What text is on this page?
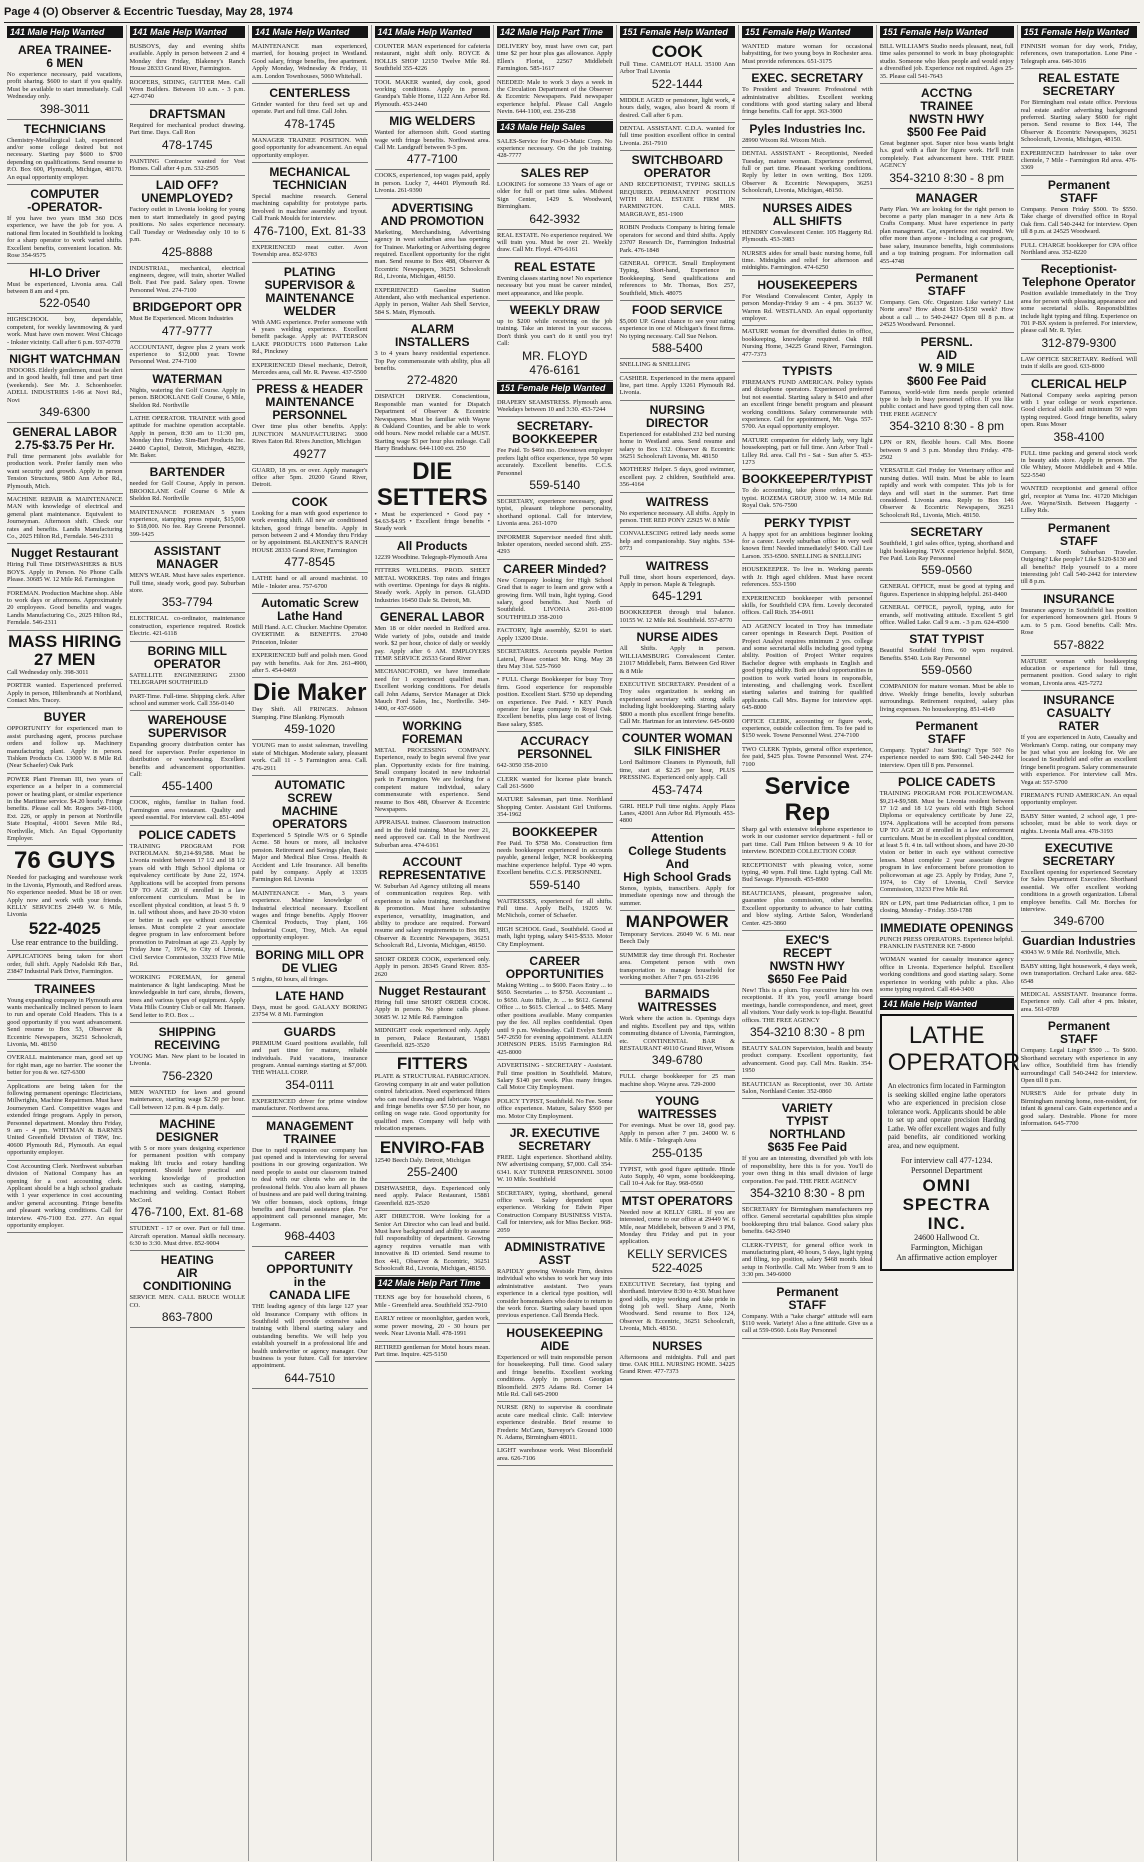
Page 4 (O) Observer & Eccentric Tuesday, May 28, 1974
141 Male Help Wanted
AREA TRAINEE-
6 MEN
No experience necessary, paid vacations, profit sharing. $600 to start if you qualify. Must be available to start immediately. Call Wednesday only.
398-3011
TECHNICIANS
Chemistry-Metallurgical Lab, experienced and/or some college desired but not necessary. Starting pay $600 to $700 depending on qualifications. Send resume to P.O. Box 600, Plymouth, Michigan, 48170. An equal opportunity employer.
COMPUTER
-OPERATOR-
If you have two years IBM 360 DOS experience, we have the job for you. A national firm located in Southfield is looking for a sharp operator to work varied shifts. Excellent benefits, convenient location. Mr. Rose 354-9575
HI-LO Driver
Must be experienced, Livonia area. Call between 8 am and 4 pm.
522-0540
HIGHSCHOOL boy, dependable, competent, for weekly lawnmowing & yard work. Must have own mower. West Chicago - Inkster vicinity. Call after 6 p.m. 937-0778
NIGHT WATCHMAN
INDOORS. Elderly gentlemen, must be alert and in good health, full time and part time (weekends). See Mr. J. Schoenhoefer. ADELL INDUSTRIES 1-96 at Novi Rd., Novi
349-6300
GENERAL LABOR
2.75-$3.75 Per Hr.
Full time permanent jobs available for production work. Prefer family men who want security and growth. Apply in person Tension Structures, 9800 Ann Arbor Rd., Plymouth, Mich.
MACHINE REPAIR & MAINTENANCE MAN with knowledge of electrical and general plant maintenance. Equivalent to Journeyman. Afternoon shift. Check our rates and benefits. Landis Manufacturing Co., 2025 Hilton Rd., Ferndale. 546-2311
Nugget Restaurant
Hiring Full Time DISHWASHERS & BUS BOYS. Apply in Person. No Phone Calls Please. 30685 W. 12 Mile Rd. Farmington
FOREMAN. Production Machine shop. Able to work days or afternoons. Approximately 20 employees. Good benefits and wages. Landis Manufacturing Co., 2025 Hilton Rd., Ferndale. 546-2311
MASS HIRING
27 MEN
Call Wednesday only. 398-3011
PORTER wanted. Experienced preferred. Apply in person, Hiltenbrand's at Northland, Contact Mrs. Tracey.
BUYER
OPPORTUNITY for experienced man to assist purchasing agent, process purchase orders and follow up. Machinery manufacturing plant. Apply in person. Tishken Products Co. 13000 W. 8 Mile Rd. (Near Schaefer) Oak Park
POWER Plant Fireman III, two years of experience as a helper in a commercial power or heating plant, or similar experience in the Maritime service. $4.20 hourly. Fringe benefits. Please call Mr. Rogers 349-1100, Ext. 226, or apply in person at Northville State Hospital, 41001 Seven Mile Rd., Northville, Mich. An Equal Opportunity Employer.
76 GUYS
Needed for packaging and warehouse work in the Livonia, Plymouth, and Redford areas. No experience needed. Must be 18 or over. Apply now and work with your friends. KELLY SERVICES 29449 W. 6 Mile, Livonia
522-4025
Use rear entrance to the building.
APPLICATIONS being taken for short order, full shift. Apply Nadolski Rib Bar., 23847 Industrial Park Drive, Farmington.
TRAINEES
Young expanding company in Plymouth area wants mechanically inclined person to learn to run and operate Cold Headers. This is a good opportunity if you want advancement. Send resume to Box 53, Observer & Eccentric Newspapers, 36251 Schoolcraft, Livonia, Mi. 48150
OVERALL maintenance man, good set up for right man, age no barrier. The sooner the better for you & we. 627-6300
Applications are being taken for the following permanent openings: Electricians, Millwrights, Machine Repairmen. Must have Journeymen Card. Competitive wages and extended fringe program. Apply in person, Personnel department. Monday thru Friday, 9 am - 4 pm. WHITMAN & BARNES United Greenfield Division of TRW, Inc. 40600 Plymouth Rd., Plymouth. An equal opportunity employer.
Cost Accounting Clerk. Northwest suburban division of National Company has an opening for a cost accounting clerk. Applicant should be a high school graduate with 1 year experience in cost accounting and/or general accounting. Fringe benefits and pleasant working conditions. Call for interview. 476-7100 Ext. 277. An equal opportunity employer.
141 Male Help Wanted
BUSBOYS, day and evening shifts available. Apply in person between 2 and 4 Monday thru Friday, Blakeney's Ranch House 28333 Grand River, Farmington.
ROOFERS, SIDING, GUTTER Men. Call Wren Builders. Between 10 a.m. - 3 p.m. 427-0740
DRAFTSMAN
Required for mechanical product drawing. Part time. Days. Call Ron
478-1745
PAINTING Contractor wanted for Vost Homes. Call after 4 p.m. 532-2505
LAID OFF?
UNEMPLOYED?
Factory outlet in Livonia looking for young men to start immediately in good paying positions. No sales experience necessary. Call Tuesday or Wednesday only 10 to 6 p.m.
425-8888
INDUSTRIAL, mechanical, electrical engineers, degree, will train, shorter Walled Bolt. Fast Fee paid. Salary open. Towne Personnel West. 274-7100
BRIDGEPORT OPR
Must Be Experienced. Micom Industries
477-9777
ACCOUNTANT, degree plus 2 years work experience to $12,000 year. Towne Personnel West. 274-7100
WATERMAN
Nights, watering the Golf Course. Apply in person. BROOKLANE Golf Course, 6 Mile, Sheldon Rd. Northville
LATHE OPERATOR. TRAINEE with good aptitude for machine operation acceptable. Apply in person, 8:30 am to 11:30 pm, Monday thru Friday. Sim-Bart Products Inc. 24400 Capitol, Detroit, Michigan, 48239, Mr. Baker.
BARTENDER
needed for Golf Course, Apply in person. BROOKLANE Golf Course 6 Mile & Sheldon Rd. Northville
MAINTENANCE FOREMAN 5 years experience, stamping press repair, $15,000 to $18,000. No fee. Ray Greene Personnel. 399-1425
ASSISTANT
MANAGER
MEN'S WEAR. Must have sales experience. Full time, steady work, good pay. Suburban store.
353-7794
ELECTRICAL co-ordinator, maintenance construction, experience required. Rostick Electric. 421-6118
BORING MILL
OPERATOR
SATELLITE ENGINEERING 23300 TELEGRAPH SOUTHFIELD
PART-Time. Full-time. Shipping clerk. After school and summer work. Call 356-0140
WAREHOUSE
SUPERVISOR
Expanding grocery distribution center has need for supervisor. Prefer experience in distribution or warehousing. Excellent benefits and advancement opportunities. Call:
455-1400
COOK, nights, familiar in Italian food. Farmington area restaurant. Quality and speed essential. For interview call. 851-4094
POLICE CADETS
TRAINING PROGRAM FOR PATROLMAN. $9,214-$9,588. Must be Livonia resident between 17 1/2 and 18 1/2 years old with High School diploma or equivalency certificate by June 22, 1974. Applications will be accepted from persons UP TO AGE 20 if enrolled in a law enforcement curriculum. Must be in excellent physical condition, at least 5 ft. 9 in. tall without shoes, and have 20-30 vision or better in each eye without corrective lenses. Must complete 2 year associate degree program in law enforcement before promotion to Patrolman at age 23. Apply by Friday June 7, 1974, to City of Livonia, Civil Service Commission, 33233 Five Mile Rd.
WORKING FOREMAN, for general maintenance & light landscaping. Must be knowledgeable in turf care, shrubs, flowers, trees and various types of equipment. Apply Vista Hills Country Club or call Mr. Hansen. Send letter to P.O. Box ...
SHIPPING
RECEIVING
YOUNG Man. New plant to be located in Livonia.
756-2320
MEN WANTED for lawn and ground maintenance, starting wage $2.50 per hour. Call between 12 p.m. & 4 p.m. daily.
MACHINE
DESIGNER
with 5 or more years designing experience for permanent position with company making lift trucks and rotary handling equipment. Should have practical and working knowledge of production techniques such as casting, stamping, machining and welding. Contact Robert McCord.
476-7100, Ext. 81-68
STUDENT - 17 or over. Part or full time. Aircraft operation. Manual skills necessary. 6:30 to 3:30. Must drive. 852-9004
HEATING
AIR
CONDITIONING
SERVICE MEN. CALL BRUCE WOLLE CO.
863-7800
141 Male Help Wanted
MAINTENANCE man experienced, married, for housing project in Westland. Good salary, fringe benefits, free apartment. Apply Monday, Wednesday & Friday, 11 a.m. London Townhouses, 5060 Whitehall.
CENTERLESS
Grinder wanted for thru feed set up and operate. Part and full time. Call John.
478-1745
MANAGER TRAINEE POSITION. With good opportunity for advancement. An equal opportunity employer.
MECHANICAL
TECHNICIAN
Special machine research. General machining capability for prototype parts. Involved in machine assembly and tryout. Call Frank Moulds for interview.
476-7100, Ext. 81-33
EXPERIENCED meat cutter. Avon Township area. 852-9783
PLATING SUPERVISOR &
MAINTENANCE WELDER
With AMG experience. Prefer someone with 4 years welding experience. Excellent benefit package. Apply at: PATTERSON LAKE PRODUCTS 1600 Patterson Lake Rd., Pinckney
EXPERIENCED Diesel mechanic, Detroit, Mercedes area, call Mr. R. Pavese. 437-5500
PRESS & HEADER
MAINTENANCE PERSONNEL
Over time plus other benefits. Apply: JUNCTION MANUFACTURING 3900 Rives Eaton Rd. Rives Junction, Michigan
49277
GUARD, 18 yrs. or over. Apply manager's office after 5pm. 20200 Grand River, Detroit.
COOK
Looking for a man with good experience to work evening shift. All new air conditioned kitchen, good fringe benefits. Apply in person between 2 and 4 Monday thru Friday or by appointment. BLAKENEY'S RANCH HOUSE 28333 Grand River, Farmington
477-8545
LATHE hand or all around machinist. 10 Mile - Inkster area. 757-6700
Automatic Screw
Lathe Hand
Mill Hand. A.C. Chucker. Machine Operator. OVERTIME & BENEFITS. 27040 Princeton, Inkster
EXPERIENCED buff and polish men. Good pay with benefits. Ask for Jim. 261-4900, after 5. 454-0469
Die Maker
Day Shift. All FRINGES. Johnson Stamping. Fine Blanking. Plymouth
459-1020
YOUNG man to assist salesman, travelling state of Michigan. Moderate salary, pleasant work. Call 11 - 5 Farmington area. Call. 476-2911
AUTOMATIC SCREW
MACHINE OPERATORS
Experienced 5 Spindle W/S or 6 Spindle Acme. 58 hours or more, all inclusive pension. Retirement and Savings plan, Basic Major and Medical Blue Cross. Health & Accident and Life Insurance. All benefits paid by company. Apply at 13335 Farmington Rd. Livonia
MAINTENANCE - Man, 3 years experience. Machine knowledge of Industrial electrical necessary. Excellent wages and fringe benefits. Apply Hoover Chemical Products, Tray plant, 166 Industrial Court, Troy, Mich. An equal opportunity employer.
BORING MILL OPR
DE VLIEG
5 nights, 60 hours, all fringes.
LATE HAND
Days, must be good. GALAXY BORING 23754 W. 8 Mi. Farmington
GUARDS
PREMIUM Guard positions available, full and part time for mature, reliable individuals. Paid vacations, insurance program. Annual earnings starting at $7,000. THE WHALL CORP.
354-0111
EXPERIENCED driver for prime window manufacturer. Northwest area.
MANAGEMENT TRAINEE
Due to rapid expansion our company has just opened and is interviewing for several positions in our growing organization. We need people to assist our classroom trained to deal with our clients who are in the professional fields. You also learn all phases of business and are paid well during training. We offer bonuses, stock options, fringe benefits and financial assistance plan. For appointment call personnel manager, Mr. Logemann.
968-4403
CAREER
OPPORTUNITY
in the
CANADA LIFE
THE leading agency of this large 127 year old Insurance Company with offices in Southfield will provide extensive sales training with liberal starting salary and outstanding benefits. We will help you establish yourself in a professional life and health underwriter or agency manager. Our business is your future. Call for interview appointment.
644-7510
141 Male Help Wanted
COUNTER MAN experienced for cafeteria restaurant, night shift only. ROYCE & HOLLIS SHOP 12150 Twelve Mile Rd. Southfield 355-4226
TOOL MAKER wanted, day cook, good working conditions. Apply in person. Grandpa's Table Home, 1122 Ann Arbor Rd. Plymouth. 453-2440
MIG WELDERS
Wanted for afternoon shift. Good starting wage with fringe benefits. Northwest area. Call Mr. Landgraff between 9-3 pm.
477-7100
COOKS, experienced, top wages paid, apply in person. Lucky 7, 44401 Plymouth Rd. Livonia. 261-9390
ADVERTISING
AND PROMOTION
Marketing, Merchandising, Advertising agency in west suburban area has opening for Trainee. Marketing or Advertising degree required. Excellent opportunity for the right man. Send resume to Box 488, Observer & Eccentric Newspapers, 36251 Schoolcraft Rd., Livonia, Michigan, 48150.
EXPERIENCED Gasoline Station Attendant, also with mechanical experience. Apply in person, Walter Ash Shell Service, 584 S. Main, Plymouth.
ALARM INSTALLERS
3 to 4 years heavy residential experience. Top Pay commensurate with ability, plus all benefits.
272-4820
DISPATCH DRIVER. Conscientious, Responsible man wanted for Dispatch Department of Observer & Eccentric Newspapers. Must be familiar with Wayne & Oakland Counties, and be able to work odd hours. New model reliable car a MUST. Starting wage $3 per hour plus mileage. Call Harry Bradshaw. 644-1100 ext. 250
DIE SETTERS
• Must be experienced • Good pay • $4.63-$4.95 • Excellent fringe benefits • Steady work
All Products
12239 Woodbine. Telegraph-Plymouth Area
FITTERS WELDERS. PROD. SHEET METAL WORKERS. Top rates and fringes with overtime. Openings for days & nights. Steady work. Apply in person. GLADD Industries 16450 Dale St. Detroit, Mi.
GENERAL LABOR
Men 18 or older needed in Redford area. Wide variety of jobs, outside and inside work. $2 per hour, choice of daily or weekly pay. Apply after 6 AM. EMPLOYERS TEMP. SERVICE 26533 Grand River
MECHANIC/FORD, we have immediate need for 1 experienced qualified man. Excellent working conditions. For details call John Adams, Service Manager at Dick Mauch Ford Sales, Inc., Northville. 349-1400, or 437-6600
WORKING FOREMAN
METAL PROCESSING COMPANY. Experience, ready to begin several five year plan. Opportunity exists for fire training. Small company located in new industrial park in Farmington. We are looking for a competent mature individual, salary commensurate with experience. Send resume to Box 488, Observer & Eccentric Newspapers.
APPRAISAL trainee. Classroom instruction and in the field training. Must be over 21, need approved car. Call in the Northwest Suburban area. 474-6161
ACCOUNT
REPRESENTATIVE
W. Suburban Ad Agency utilizing all means of communication requires Rep. with experience in sales training, merchandising & promotion. Must have substantive experience, versatility, imagination, and ability to produce are required. Forward resume and salary requirements to Box 883, Observer & Eccentric Newspapers, 36251 Schoolcraft Rd., Livonia, Michigan, 48150.
SHORT ORDER COOK, experienced only. Apply in person. 28345 Grand River. 835-2620
Nugget Restaurant
Hiring full time SHORT ORDER COOK. Apply in person. No phone calls please. 30685 W. 12 Mile Rd. Farmington
MIDNIGHT cook experienced only. Apply in person, Palace Restaurant, 15881 Greenfield. 825-3520
FITTERS
PLATE & STRUCTURAL FABRICATION. Growing company in air and water pollution control fabrication. Need experienced fitters who can read drawings and fabricate. Wages and fringe benefits over $7.50 per hour, no ceiling on wage rate. Good opportunity for qualified men. Company will help with relocation expenses.
ENVIRO-FAB
12540 Beech Daly. Detroit, Michigan
255-2400
DISHWASHER, days. Experienced only need apply. Palace Restaurant, 15881 Greenfield. 825-3520
ART DIRECTOR. We're looking for a Senior Art Director who can lead and build. Must have background and ability to assume full responsibility of department. Growing agency requires versatile man with innovative & ID oriented. Send resume to Box 441, Observer & Eccentric, 36251 Schoolcraft Rd., Livonia, Michigan, 48150.
142 Male Help Part Time
TEENS age boy for household chores, 6 Mile - Greenfield area. Southfield 352-7910
EARLY retiree or moonlighter, garden work, some power mowing, 20 - 30 hours per week. Near Livonia Mall. 478-1991
RETIRED gentleman for Motel hours mean. Part time. Inquire. 425-5150
142 Male Help Part Time
DELIVERY boy, must have own car, part time $2 per hour plus gas allowance. Apply Ellen's Florist, 22567 Middlebelt Farmington. 585-1617
NEEDED: Male to work 3 days a week in the Circulation Department of the Observer & Eccentric Newspapers. Paid newspaper experience helpful. Please Call Angelo Nevin. 644-1100, ext. 236-238
143 Male Help Sales
SALES-Service for Post-O-Matic Corp. No experience necessary. On the job training. 428-7777
SALES REP
LOOKING for someone 33 Years of age or older for full or part time sales. Midwest Sign Center, 1429 S. Woodward, Birmingham.
642-3932
REAL ESTATE. No experience required. We will train you. Must be over 21. Weekly draw. Call Mr. Floyd. 476-6161
REAL ESTATE
Evening classes starting now! No experience necessary but you must be career minded, meet appearance, and like people.
WEEKLY DRAW
up to $200 while receiving on the job training. Take an interest in your success. Don't think you can't do it until you try! Call:
MR. FLOYD
476-6161
151 Female Help Wanted
DRAPERY SEAMSTRESS. Plymouth area. Weekdays between 10 and 3:30. 453-7244
SECRETARY-BOOKKEEPER
Fee Paid. To $460 mo. Downtown employer prefers light office experience, type 50 wpm accurately. Excellent benefits. C.C.S. Personnel
559-5140
SECRETARY, experience necessary, good typist, pleasant telephone personality, shorthand optional. Call for interview, Livonia area. 261-1070
INFORMER Supervisor needed first shift. Inkster operators, needed second shift. 255-4293
CAREER Minded?
New Company looking for High School Grad that is eager to learn and grow with a growing firm. Will train, light typing. Good salary, good benefits. Just North of Southfield. LIVONIA 261-8100 SOUTHFIELD 358-2010
FACTORY, light assembly, $2.91 to start. Apply 13200 Dixie.
SECRETARIES. Accounts payable Portion Lateral, Please contact Mr. King. May 28 thru May 31st. 525-7660
• FULL Charge Bookkeeper for busy Troy firm. Good experience for responsible position. Excellent Start. $750 up depending on experience. Fee Paid. • KEY Punch operator for large company in Royal Oak. Excellent benefits, plus large cost of living. Base salary, $585.
ACCURACY
PERSONNEL
642-3050 358-2010
CLERK wanted for license plate branch. Call 261-5600
MATURE Salesman, part time. Northland Shopping Center. Assistant Girl Uniforms. 354-1962
BOOKKEEPER
Fee Paid. To $758 Mo. Construction firm needs bookkeeper experienced in accounts payable, general ledger, NCR bookkeeping machine experience helpful. Type 40 wpm. Excellent benefits. C.C.S. PERSONNEL
559-5140
WAITRESSES, experienced for all shifts. Full time. Apply Bell's, 19205 W. McNichols, corner of Schaefer.
HIGH SCHOOL Grad., Southfield. Good at math, light typing, salary $415-$533. Motor City Employment.
CAREER OPPORTUNITIES
Making Writing ... to $600. Faces Entry ... to $650. Secretaries ... to $750. Accountant ... to $650. Auto Biller, Jr. ... to $612. General Office ... to $615. Clerical ... to $485. Many other positions available. Many companies pay the fee. All replies confidential. Open until 9 p.m. Wednesday. Call Evelyn Smith 547-2650 for evening appointment. ALLEN JOHNSON PERS. 15195 Farmington Rd. 425-8000
ADVERTISING - SECRETARY - Assistant. Full time position in Southfield. Mature, Salary $140 per week. Plus many fringes. Call Motor City Employment.
POLICY TYPIST, Southfield. No Fee. Some office experience. Mature, Salary $560 per mo. Motor City Employment.
JR. EXECUTIVE
SECRETARY
FREE. Light experience. Shorthand ability. NW advertising company, $7,000. Call 354-6341. KAY TURNER PERSONNEL 30100 W. 10 Mile. Southfield
SECRETARY, typing, shorthand, general office work. Salary dependent upon experience. Working for Edwin Piper Construction Company BUSINESS VISTA. Call for interview, ask for Miss Becker. 968-2059
ADMINISTRATIVE ASST
RAPIDLY growing Westside Firm, desires individual who wishes to work her way into administrative assistant. Two years experience in a clerical type position, will consider homemakers who desire to return to the work force. Starting salary based upon previous experience. Call Brenda Heck.
HOUSEKEEPING AIDE
Experienced or will train responsible person for housekeeping. Full time. Good salary and fringe benefits. Excellent working conditions. Apply in person. Georgian Bloomfield. 2975 Adams Rd. Corner 14 Mile Rd. Call 645-2900
NURSE (RN) to supervise & coordinate acute care medical clinic. Call: interview experience desirable. Brief resume to Frederic McCann, Surveyor's Ground 1000 N. Adams, Birmingham 48011.
LIGHT warehouse work. West Bloomfield area. 626-7106
151 Female Help Wanted
COOK
Full Time. CAMELOT HALL 35100 Ann Arbor Trail Livonia
522-1444
MIDDLE AGED or pensioner, light work, 4 hours daily, wages, also board & room if desired. Call after 6 p.m.
DENTAL ASSISTANT. C.D.A. wanted for full time position excellent office in central Livonia. 261-7910
SWITCHBOARD OPERATOR
AND RECEPTIONIST, TYPING SKILLS REQUIRED. PERMANENT POSITION WITH REAL ESTATE FIRM IN FARMINGTON. CALL MRS. MARGRAVE, 851-1900
ROBIN Products Company is hiring female operators for second and third shifts. Apply 23707 Research Dr., Farmington Industrial Park. 476-1848
GENERAL OFFICE. Small Employment Typing, Short-hand, Experience in Bookkeeping. Send qualifications and references to Mr. Thomas, Box 257, Southfield, Mich. 48075
FOOD SERVICE
$5,000 UP. Great chance to see your rating experience in one of Michigan's finest firms. No typing necessary. Call Sue Nelson.
588-5400
SNELLING & SNELLING
CASHIER. Experienced in the mens apparel line, part time. Apply 13261 Plymouth Rd. Livonia.
NURSING
DIRECTOR
Experienced for established 232 bed nursing home in Westland area. Send resume and salary to Box 132. Observer & Eccentric 36251 Schoolcraft Livonia, Mi. 48150
MOTHERS' Helper. 5 days, good swimmer, excellent pay. 2 children, Southfield area. 356-4164
WAITRESS
No experience necessary. All shifts. Apply in person. THE RED PONY 22925 W. 8 Mile
CONVALESCING retired lady needs some help and companionship. Stay nights. 534-0773
WAITRESS
Full time, short hours experienced, days. Apply in person. Maple & Telegraph.
645-1291
BOOKKEEPER through trial balance. 10155 W. 12 Mile Rd. Southfield. 557-8770
NURSE AIDES
All Shifts. Apply in person. WILLIAMSBURG Convalescent Center. 21017 Middlebelt, Farm. Between Grd River & 8 Mile
EXECUTIVE SECRETARY. President of a Troy sales organization is seeking an experienced secretary with strong skills including light bookkeeping. Starting salary $800 a month plus excellent fringe benefits. Call Mr. Hartman for an interview. 645-0600
COUNTER WOMAN
SILK FINISHER
Lord Baltimore Cleaners in Plymouth, full time, start at $2.25 per hour, PLUS PRESSING. Experienced only apply. Call
453-7474
GIRL HELP Full time nights. Apply Plaza Lanes, 42001 Ann Arbor Rd. Plymouth. 453-4800
Attention
College Students
And
High School Grads
Stenos, typists, transcribers. Apply for immediate openings now and through the summer.
MANPOWER
Temporary Services. 26049 W. 6 Mi. near Beech Daly
SUMMER day time through Fri. Rochester area. Competent person with own transportation to manage household for working mother. After 7 pm. 651-2196
BARMAIDS
WAITRESSES
Work where the action is. Openings days and nights. Excellent pay and tips, within commuting distance of Livonia, Farmington, etc. CONTINENTAL BAR & RESTAURANT 49110 Grand River, Wixom
349-6780
FULL charge bookkeeper for 25 man machine shop. Wayne area. 729-2000
YOUNG
WAITRESSES
For evenings. Must be over 18, good pay. Apply in person after 7 pm. 24000 W. 6 Mile. 6 Mile - Telegraph Area
255-0135
TYPIST, with good figure aptitude. Hinde Auto Supply, 40 wpm, some bookkeeping. Call 10-4 Ask for Ray. 968-0560
MTST OPERATORS
Needed now at KELLY GIRL. If you are interested, come to our office at 29449 W. 6 Mile, near Middlebelt, between 9 and 3 PM, Monday thru Friday and put in your application.
KELLY SERVICES
522-4025
EXECUTIVE Secretary, fast typing and shorthand. Interview 8:30 to 4:30. Must have good skills, enjoy working and take pride in doing job well. Sharp Anne, North Woodward. Send resume to Box 124, Observer & Eccentric, 36251 Schoolcraft, Livonia, Mich. 48150.
NURSES
Afternoons and midnights. Full and part time. OAK HILL NURSING HOME. 34225 Grand River. 477-7373
151 Female Help Wanted
WANTED mature woman for occasional babysitting, for two young boys in Rochester area. Must provide references. 651-3175
EXEC. SECRETARY
To President and Treasurer. Professional with administrative abilities. Excellent working conditions with good starting salary and liberal fringe benefits. Call for appt. 363-3900
Pyles Industries Inc.
28990 Wixom Rd. Wixom Mich.
DENTAL ASSISTANT - Receptionist, Needed Tuesday, mature woman. Experience preferred, full or part time. Pleasant working conditions. Reply by letter in own writing, Box 1209. Observer & Eccentric Newspapers, 36251 Schoolcraft, Livonia, Michigan, 48150.
NURSES AIDES
ALL SHIFTS
HENDRY Convalescent Center. 105 Haggerty Rd. Plymouth. 453-3983
NURSES aides for small basic nursing home, full time. Midnights and relief for afternoon and midnights. Farmington. 474-6250
HOUSEKEEPERS
For Westland Convalescent Center, Apply in person Monday-Friday 9 am - 4 pm. 36137 W. Warren Rd. WESTLAND. An equal opportunity employer.
MATURE woman for diversified duties in office, bookkeeping, knowledge required. Oak Hill Nursing Home, 34225 Grand River, Farmington. 477-7373
TYPISTS
FIREMAN'S FUND AMERICAN. Policy typists and dictaphone operators. Experienced preferred but not essential. Starting salary is $410 and after an excellent fringe benefit program and pleasant working conditions. Salary commensurate with experience. Call for appointment, Mr. Vega. 557-5700. An equal opportunity employer.
MATURE companion for elderly lady, very light housekeeping, part or full time. Ann Arbor Trail - Lilley Rd. area. Call Fri - Sat - Sun after 5. 453-1273
BOOKKEEPER/TYPIST
To do accounting, take phone orders, accurate typist. ROZEMA GROUP, 3100 W. 14 Mile Rd. Royal Oak. 576-7590
PERKY TYPIST
A happy spot for an ambitious beginner looking for a career. Lovely suburban office in very well known firm! Needed immediately! $400. Call Lee Larson. 353-6500. SNELLING & SNELLING
HOUSEKEEPER. To live in. Working parents with Jr. High aged children. Must have recent references. 553-1590
EXPERIENCED bookkeeper with personnel skills, for Southfield CPA firm. Lovely decorated offices. Call Rich. 354-0911
AD AGENCY located in Troy has immediate career openings in Research Dept. Position of Project Analyst requires minimum 2 yrs. college and some secretarial skills including good typing ability. Position of Project Writer requires Bachelor degree with emphasis in English and good typing ability. Both are ideal opportunities in position to work varied hours in responsible, interesting, and challenging work. Excellent starting salaries and training for qualified applicants. Call Mrs. Bayme for interview appt. 645-8000
OFFICE CLERK, accounting or figure work, experience, outside collection firm. To fee paid to $150 week. Towne Personnel West. 274-7100
TWO CLERK Typists, general office experience, fee paid, $425 plus. Towne Personnel West. 274-7100
Service Rep
Sharp gal with extensive telephone experience to work in our customer service department - full or part time. Call Pam Hilton between 9 & 10 for interview. BONDED COLLECTION CORP.
RECEPTIONIST with pleasing voice, some typing, 40 wpm. Full time. Light typing. Call Mr. Bud Savage. Plymouth. 455-8900
BEAUTICIANS, pleasant, progressive salon, guarantee plus commission, other benefits. Excellent opportunity to advance to hair cutting and blow styling. Artiste Salon, Wonderland Center. 425-3860
EXEC'S
RECEPT
NWSTN HWY
$650 Fee Paid
New! This is a plum. Top executive hire his own receptionist. If it's you, you'll arrange board meetings, handle correspondence, and meet, greet all visitors. Your daily work is top-flight. Beautiful offices. THE FREE AGENCY
354-3210 8:30 - 8 pm
BEAUTY SALON Supervision, health and beauty product company. Excellent opportunity, fast advancement. Good pay. Call Mrs. Raskin. 354-1950
BEAUTICIAN as Receptionist, over 30. Artiste Salon, Northland Center. 352-0860
VARIETY
TYPIST
NORTHLAND
$635 Fee Paid
If you are an interesting, diversified job with lots of responsibility, here this is for you. You'll do your own thing in this small division of large corporation. Fee paid. THE FREE AGENCY
354-3210 8:30 - 8 pm
SECRETARY for Birmingham manufacturers rep office. General secretarial capabilities plus simple bookkeeping thru trial balance. Good salary plus benefits. 642-5940
CLERK-TYPIST, for general office work in manufacturing plant, 40 hours, 5 days, light typing and filing, top position, salary $468 month. Ideal setup in Northville. Call Mr. Weber from 9 am to 3:30 pm. 349-6000
Permanent
STAFF
Company. With a "take charge" attitude will earn $110 week. Variety! Also a fine attitude. Give us a call at 559-0560. Lois Ray Personnel
151 Female Help Wanted
BILL WILLIAM'S Studio needs pleasant, neat, full time sales personnel to work in busy photographic studio. Someone who likes people and would enjoy a diversified job. Experience not required. Ages 25-35. Please call 541-7643
ACCTNG
TRAINEE
NWSTN HWY
$500 Fee Paid
Great beginner spot. Super nice boss wants bright h.s. grad with a flair for figure work. He'll train completely. Fast advancement here. THE FREE AGENCY
354-3210 8:30 - 8 pm
MANAGER
Party Plan. We are looking for the right person to become a party plan manager in a new Arts & Crafts Company. Must have experience in party plan managment. Car, experience not required. We offer more than anyone - including a car program, base salary, insurance benefits, high commissions and a top training program. For information call 455-4748
Permanent
STAFF
Company. Gen. Ofc. Organizer. Like variety? List Norte area? How about $110-$150 week? How about a call ... to 540-2442? Open till 8 p.m. at 24525 Woodward. Personnel.
PERSNL.
AID
W. 9 MILE
$600 Fee Paid
Famous, world-wide firm needs people oriented type to help in busy personnel office. If you like public contact and have good typing then call now. THE FREE AGENCY
354-3210 8:30 - 8 pm
LPN or RN, flexible hours. Call Mrs. Boone between 9 and 3 p.m. Monday thru Friday. 478-2502
VERSATILE Girl Friday for Veterinary office and nursing duties. Will train. Must be able to learn rapidly and work with computer. This job is for days and will start in the summer. Part time considered. Livonia area. Reply to Box 146 Observer & Eccentric Newspapers, 36251 Schoolcraft Rd., Livonia, Mich. 48150.
SECRETARY
Southfield, 1 girl sales office, typing, shorthand and light bookkeeping. TWX experience helpful. $650, Fee Paid. Lois Ray Personnel
559-0560
GENERAL OFFICE, must be good at typing and figures. Experience in shipping helpful. 261-8400
GENERAL OFFICE, payroll, typing, auto for errands, self motivating attitude. Excellent 5 girl office. Walled Lake. Call 9 a.m. - 3 p.m. 624-4500
STAT TYPIST
Beautiful Southfield firm. 60 wpm required. Benefits. $540. Lois Ray Personnel
559-0560
COMPANION for mature woman. Must be able to drive. Weekly fringe benefits, lovely suburban surroundings. Retirement required, salary plus living expenses. No housekeeping. 851-4149
Permanent
STAFF
Company. Typist? Just Starting? Type 50? No experience needed to earn $90. Call 540-2442 for interview. Open till 8 pm. Personnel.
POLICE CADETS
TRAINING PROGRAM FOR POLICEWOMAN. $9,214-$9,588. Must be Livonia resident between 17 1/2 and 18 1/2 years old with High School Diploma or equivalency certificate by June 22, 1974. Applications will be accepted from persons UP TO AGE 20 if enrolled in a law enforcement curriculum. Must be in excellent physical condition, at least 5 ft. 4 in. tall without shoes, and have 20-30 vision or better in each eye without corrective lenses. Must complete 2 year associate degree program in law enforcement before promotion to policewoman at age 23. Apply by Friday, June 7, 1974, to City of Livonia, Civil Service Commission, 33233 Five Mile Rd.
RN or LPN, part time Pediatrician office, 1 pm to closing, Monday - Friday. 350-1788
IMMEDIATE OPENINGS
PUNCH PRESS OPERATORS. Experience helpful. FRANKLIN FASTENER KE 7-8900
WOMAN wanted for casualty insurance agency office in Livonia. Experience helpful. Excellent working conditions and good starting salary. Some experience in working with public a plus. Also some typing required. Call 464-3400
141 Male Help Wanted
LATHE
OPERATOR
An electronics firm located in Farmington is seeking skilled engine lathe operators who are experienced in precision close tolerance work. Applicants should be able to set up and operate precision Harding Lathe. We offer excellent wages and fully paid benefits, air conditioned working area, and new equipment.
For interview call 477-1234. Personnel Department
OMNI SPECTRA INC.
24600 Hallwood Ct.
Farmington, Michigan
An affirmative action employer
151 Female Help Wanted
FINNISH woman for day work, Friday, references, own transportation. Lone Pine - Telegraph area. 646-3016
REAL ESTATE
SECRETARY
For Birmingham real estate office. Previous real estate and/or advertising background preferred. Starting salary $600 for right person. Send resume to Box 144, The Observer & Eccentric Newspapers, 36251 Schoolcraft, Livonia, Michigan, 48150.
EXPERIENCED hairdresser to take over clientele, 7 Mile - Farmington Rd area. 476-3369
Permanent
STAFF
Company. Person Friday $500. To $550. Take charge of diversified office in Royal Oak firm. Call 540-2442 for interview. Open till 8 p.m. at 24525 Woodward.
FULL CHARGE bookkeeper for CPA office Northland area. 352-8220
Receptionist-
Telephone Operator
Position available immediately in the Troy area for person with pleasing appearance and some secretarial skills. Responsibilities include light typing and filing. Experience on 701 P-BX system is preferred. For interview, please call Mr. R. Tyler.
312-879-9300
LAW OFFICE SECRETARY. Redford. Will train if skills are good. 633-8000
CLERICAL HELP
National Company seeks aspiring person with 1 year college or work experience. Good clerical skills and minimum 50 wpm typing required. Good fringe benefits, salary open. Russ Moser
358-4100
FULL time packing and general stock work in beauty aids store. Apply in person. The Ole Whitey, Moore Middlebelt and 4 Mile. 522-5540
WANTED receptionist and general office girl, receptor at Yuma Inc. 41720 Michigan Ave. Wayne/Sixth. Between Haggerty - Lilley Rds.
Permanent
STAFF
Company. North Suburban Traveler. Outgoing? Like people? Like $120-$130 and all benefits? Help yourself to a more interesting job! Call 540-2442 for interview till 8 p.m.
INSURANCE
Insurance agency in Southfield has position for experienced homeowners girl. Hours 9 a.m. to 5 p.m. Good benefits. Call: Mrs. Rose
557-8822
MATURE woman with bookkeeping education or experience for full time, permanent position. Good salary to right woman, Livonia area. 425-7272
INSURANCE CASUALTY
RATER
If you are experienced in Auto, Casualty and Workman's Comp. rating, our company may be just what you are looking for. We are located in Southfield and offer an excellent fringe benefit program. Salary commensurate with experience. For interview call Mrs. Vega at: 557-5700
FIREMAN'S FUND AMERICAN. An equal opportunity employer.
BABY Sitter wanted, 2 school age, 1 pre-schooler, must be able to work days or nights. Livonia Mall area. 478-3193
EXECUTIVE
SECRETARY
Excellent opening for experienced Secretary for Sales Department Executive. Shorthand essential. We offer excellent working conditions in a growth organization. Liberal employee benefits. Call Mr. Borches for interview.
349-6700
Guardian Industries
43043 W. 9 Mile Rd. Northville, Mich.
BABY sitting, light housework, 4 days week, own transportation. Orchard Lake area. 682-6548
MEDICAL ASSISTANT. Insurance forms. Experience only. Call after 4 pm. Inkster, area. 561-0789
Permanent
STAFF
Company. Legal Lingo? $500 ... To $600. Shorthand secretary with experience in any law office, Southfield firm has friendly surroundings! Call 540-2442 for interview. Open till 8 p.m.
NURSE'S Aide for private duty in Birmingham nursing home, non-resident, for infant & general care. Gain experience and a good salary. Desirable. Phone for more information. 645-7700
